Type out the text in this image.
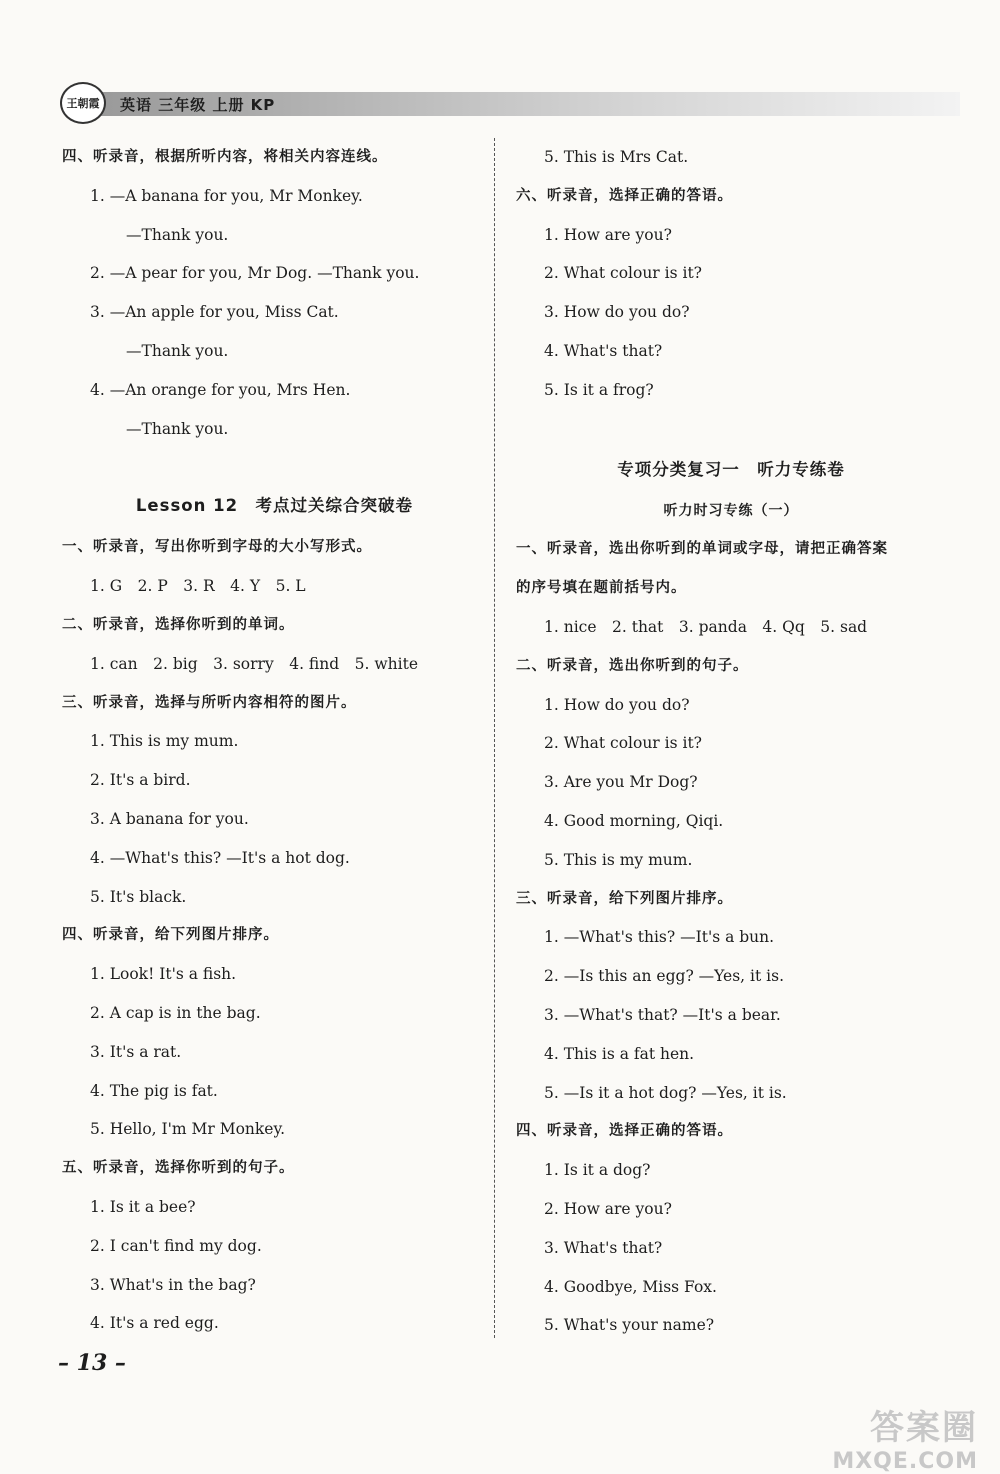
王朝霞 英语 三年级 上册 KP
四、听录音，根据所听内容，将相关内容连线。
1. —A banana for you, Mr Monkey.
—Thank you.
2. —A pear for you, Mr Dog. —Thank you.
3. —An apple for you, Miss Cat.
—Thank you.
4. —An orange for you, Mrs Hen.
—Thank you.
Lesson 12　考点过关综合突破卷
一、听录音，写出你听到字母的大小写形式。
1. G　2. P　3. R　4. Y　5. L
二、听录音，选择你听到的单词。
1. can　2. big　3. sorry　4. find　5. white
三、听录音，选择与所听内容相符的图片。
1. This is my mum.
2. It's a bird.
3. A banana for you.
4. —What's this? —It's a hot dog.
5. It's black.
四、听录音，给下列图片排序。
1. Look! It's a fish.
2. A cap is in the bag.
3. It's a rat.
4. The pig is fat.
5. Hello, I'm Mr Monkey.
五、听录音，选择你听到的句子。
1. Is it a bee?
2. I can't find my dog.
3. What's in the bag?
4. It's a red egg.
5. This is Mrs Cat.
六、听录音，选择正确的答语。
1. How are you?
2. What colour is it?
3. How do you do?
4. What's that?
5. Is it a frog?
专项分类复习一　听力专练卷
听力时习专练（一）
一、听录音，选出你听到的单词或字母，请把正确答案
的序号填在题前括号内。
1. nice　2. that　3. panda　4. Qq　5. sad
二、听录音，选出你听到的句子。
1. How do you do?
2. What colour is it?
3. Are you Mr Dog?
4. Good morning, Qiqi.
5. This is my mum.
三、听录音，给下列图片排序。
1. —What's this? —It's a bun.
2. —Is this an egg? —Yes, it is.
3. —What's that? —It's a bear.
4. This is a fat hen.
5. —Is it a hot dog? —Yes, it is.
四、听录音，选择正确的答语。
1. Is it a dog?
2. How are you?
3. What's that?
4. Goodbye, Miss Fox.
5. What's your name?
– 13 –
答案圈
MXQE.COM
